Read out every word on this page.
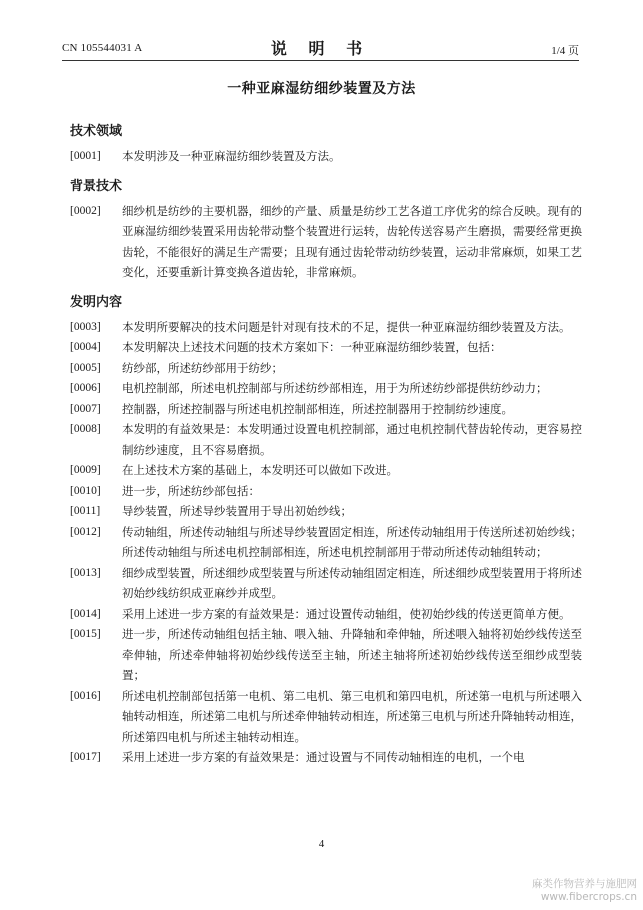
CN 105544031 A	说 明 书	1/4 页
一种亚麻湿纺细纱装置及方法
技术领域
[0001]	本发明涉及一种亚麻湿纺细纱装置及方法。
背景技术
[0002]	细纱机是纺纱的主要机器，细纱的产量、质量是纺纱工艺各道工序优劣的综合反映。现有的亚麻湿纺细纱装置采用齿轮带动整个装置进行运转，齿轮传送容易产生磨损，需要经常更换齿轮，不能很好的满足生产需要；且现有通过齿轮带动纺纱装置，运动非常麻烦，如果工艺变化，还要重新计算变换各道齿轮，非常麻烦。
发明内容
[0003]	本发明所要解决的技术问题是针对现有技术的不足，提供一种亚麻湿纺细纱装置及方法。
[0004]	本发明解决上述技术问题的技术方案如下：一种亚麻湿纺细纱装置，包括：
[0005]	纺纱部，所述纺纱部用于纺纱；
[0006]	电机控制部，所述电机控制部与所述纺纱部相连，用于为所述纺纱部提供纺纱动力；
[0007]	控制器，所述控制器与所述电机控制部相连，所述控制器用于控制纺纱速度。
[0008]	本发明的有益效果是：本发明通过设置电机控制部，通过电机控制代替齿轮传动，更容易控制纺纱速度，且不容易磨损。
[0009]	在上述技术方案的基础上，本发明还可以做如下改进。
[0010]	进一步，所述纺纱部包括：
[0011]	导纱装置，所述导纱装置用于导出初始纱线；
[0012]	传动轴组，所述传动轴组与所述导纱装置固定相连，所述传动轴组用于传送所述初始纱线；所述传动轴组与所述电机控制部相连，所述电机控制部用于带动所述传动轴组转动；
[0013]	细纱成型装置，所述细纱成型装置与所述传动轴组固定相连，所述细纱成型装置用于将所述初始纱线纺织成亚麻纱并成型。
[0014]	采用上述进一步方案的有益效果是：通过设置传动轴组，使初始纱线的传送更简单方便。
[0015]	进一步，所述传动轴组包括主轴、喂入轴、升降轴和牵伸轴，所述喂入轴将初始纱线传送至牵伸轴，所述牵伸轴将初始纱线传送至主轴，所述主轴将所述初始纱线传送至细纱成型装置；
[0016]	所述电机控制部包括第一电机、第二电机、第三电机和第四电机，所述第一电机与所述喂入轴转动相连，所述第二电机与所述牵伸轴转动相连，所述第三电机与所述升降轴转动相连，所述第四电机与所述主轴转动相连。
[0017]	采用上述进一步方案的有益效果是：通过设置与不同传动轴相连的电机，一个电
4
麻类作物营养与施肥网
www.fibercrops.cn
